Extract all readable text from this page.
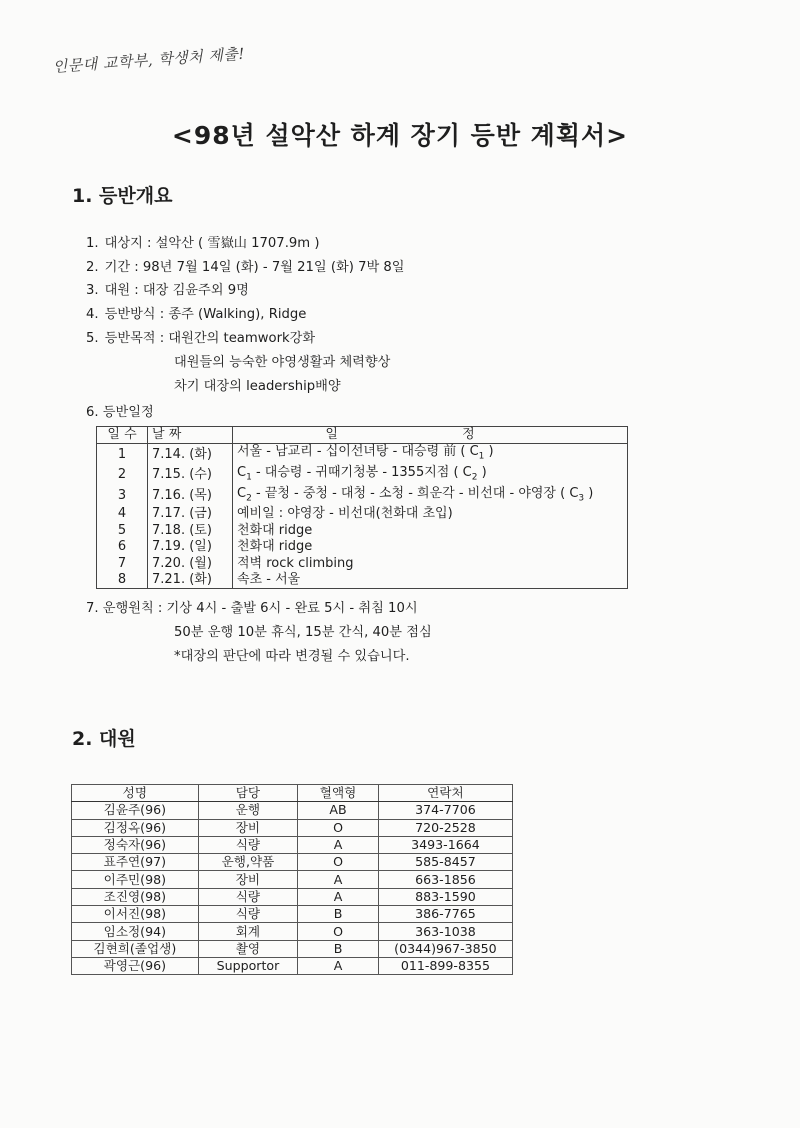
인문대 교학부, 학생처 제출!
<98년 설악산 하계 장기 등반 계획서>
1. 등반개요
1. 대상지 : 설악산 ( 雪嶽山 1707.9m )
2. 기간 : 98년 7월 14일 (화) - 7월 21일 (화) 7박 8일
3. 대원 : 대장 김윤주외 9명
4. 등반방식 : 종주 (Walking), Ridge
5. 등반목적 : 대원간의 teamwork강화
대원들의 능숙한 야영생활과 체력향상
차기 대장의 leadership배양
6. 등반일정
일 수	날 짜	일 정
1	7.14. (화)	서울 - 남교리 - 십이선녀탕 - 대승령 前 ( $C_1$ )
2	7.15. (수)	$C_1$ - 대승령 - 귀때기청봉 - 1355지점 ( $C_2$ )
3	7.16. (목)	$C_2$ - 끝청 - 중청 - 대청 - 소청 - 희운각 - 비선대 - 야영장 ( $C_3$ )
4	7.17. (금)	예비일 : 야영장 - 비선대(천화대 초입)
5	7.18. (토)	천화대 ridge
6	7.19. (일)	천화대 ridge
7	7.20. (월)	적벽 rock climbing
8	7.21. (화)	속초 - 서울
7. 운행원칙 : 기상 4시 - 출발 6시 - 완료 5시 - 취침 10시
50분 운행 10분 휴식, 15분 간식, 40분 점심
*대장의 판단에 따라 변경될 수 있습니다.
2. 대원
성명	담당	혈액형	연락처
김윤주(96)	운행	AB	374-7706
김정옥(96)	장비	O	720-2528
정숙자(96)	식량	A	3493-1664
표주연(97)	운행,약품	O	585-8457
이주민(98)	장비	A	663-1856
조진영(98)	식량	A	883-1590
이서진(98)	식량	B	386-7765
임소정(94)	회계	O	363-1038
김현희(졸업생)	촬영	B	(0344)967-3850
곽영근(96)	Supportor	A	011-899-8355
